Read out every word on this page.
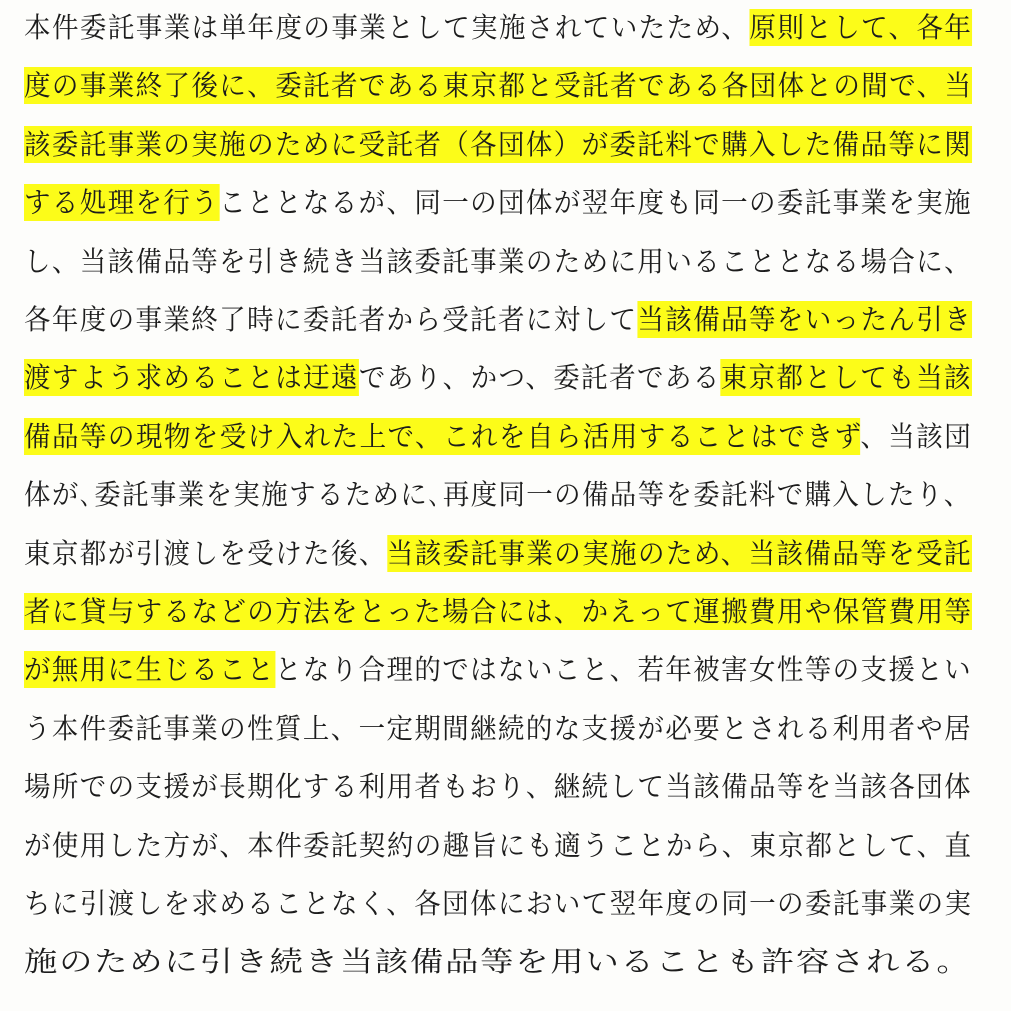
本件委託事業は単年度の事業として実施されていたため、原則として、各年
度の事業終了後に、委託者である東京都と受託者である各団体との間で、当
該委託事業の実施のために受託者（各団体）が委託料で購入した備品等に関
する処理を行うこととなるが、同一の団体が翌年度も同一の委託事業を実施
し、当該備品等を引き続き当該委託事業のために用いることとなる場合に、
各年度の事業終了時に委託者から受託者に対して当該備品等をいったん引き
渡すよう求めることは迂遠であり、かつ、委託者である東京都としても当該
備品等の現物を受け入れた上で、これを自ら活用することはできず、当該団
体が､委託事業を実施するために､再度同一の備品等を委託料で購入したり、
東京都が引渡しを受けた後、当該委託事業の実施のため、当該備品等を受託
者に貸与するなどの方法をとった場合には、かえって運搬費用や保管費用等
が無用に生じることとなり合理的ではないこと、若年被害女性等の支援とい
う本件委託事業の性質上、一定期間継続的な支援が必要とされる利用者や居
場所での支援が長期化する利用者もおり、継続して当該備品等を当該各団体
が使用した方が、本件委託契約の趣旨にも適うことから、東京都として、直
ちに引渡しを求めることなく、各団体において翌年度の同一の委託事業の実
施のために引き続き当該備品等を用いることも許容される。
